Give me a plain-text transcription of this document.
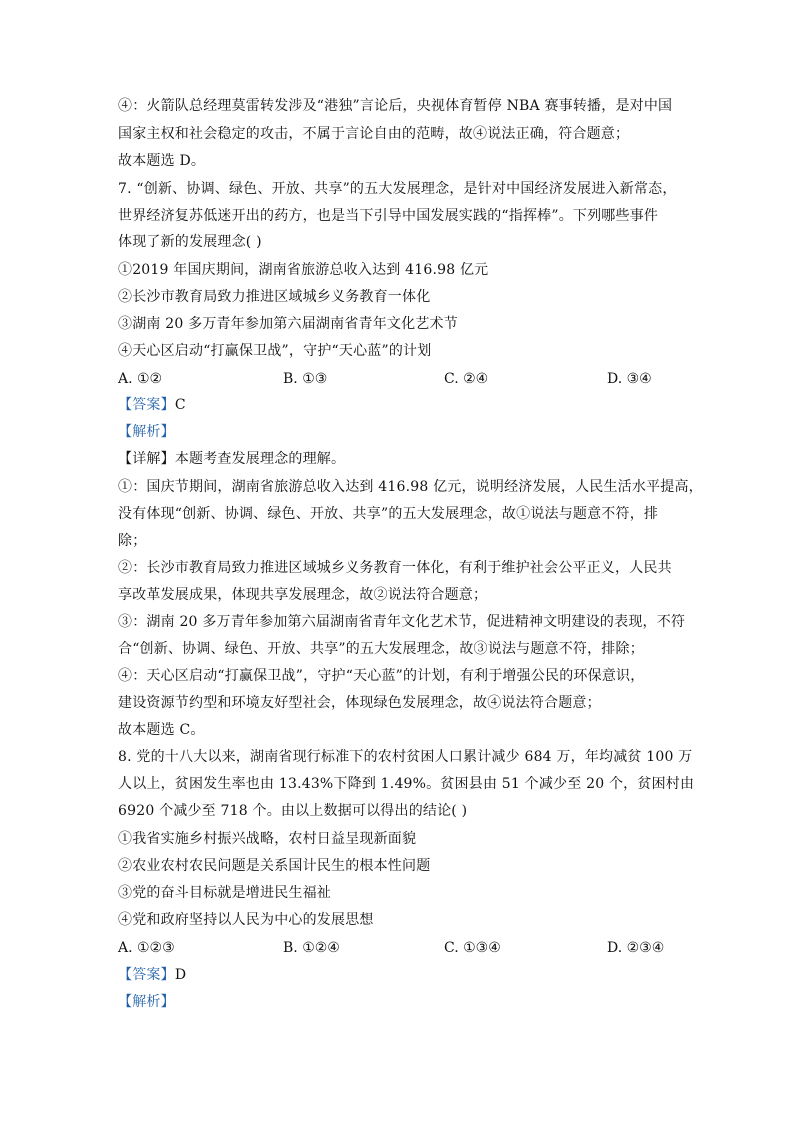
④：火箭队总经理莫雷转发涉及“港独”言论后，央视体育暂停 NBA 赛事转播，是对中国
国家主权和社会稳定的攻击，不属于言论自由的范畴，故④说法正确，符合题意；
故本题选 D。
7. “创新、协调、绿色、开放、共享”的五大发展理念，是针对中国经济发展进入新常态，
世界经济复苏低迷开出的药方，也是当下引导中国发展实践的“指挥棒”。下列哪些事件
体现了新的发展理念( )
①2019 年国庆期间，湖南省旅游总收入达到 416.98 亿元
②长沙市教育局致力推进区域城乡义务教育一体化
③湖南 20 多万青年参加第六届湖南省青年文化艺术节
④天心区启动“打赢保卫战”，守护“天心蓝”的计划
A. ①②	B. ①③	C. ②④	D. ③④
【答案】C
【解析】
【详解】本题考查发展理念的理解。
①：国庆节期间，湖南省旅游总收入达到 416.98 亿元，说明经济发展，人民生活水平提高，
没有体现“创新、协调、绿色、开放、共享”的五大发展理念，故①说法与题意不符，排
除；
②：长沙市教育局致力推进区域城乡义务教育一体化，有利于维护社会公平正义，人民共
享改革发展成果，体现共享发展理念，故②说法符合题意；
③：湖南 20 多万青年参加第六届湖南省青年文化艺术节，促进精神文明建设的表现，不符
合“创新、协调、绿色、开放、共享”的五大发展理念，故③说法与题意不符，排除；
④：天心区启动“打赢保卫战”，守护“天心蓝”的计划，有利于增强公民的环保意识，
建设资源节约型和环境友好型社会，体现绿色发展理念，故④说法符合题意；
故本题选 C。
8. 党的十八大以来，湖南省现行标准下的农村贫困人口累计减少 684 万，年均减贫 100 万
人以上，贫困发生率也由 13.43%下降到 1.49%。贫困县由 51 个减少至 20 个，贫困村由
6920 个减少至 718 个。由以上数据可以得出的结论( )
①我省实施乡村振兴战略，农村日益呈现新面貌
②农业农村农民问题是关系国计民生的根本性问题
③党的奋斗目标就是增进民生福祉
④党和政府坚持以人民为中心的发展思想
A. ①②③	B. ①②④	C. ①③④	D. ②③④
【答案】D
【解析】
